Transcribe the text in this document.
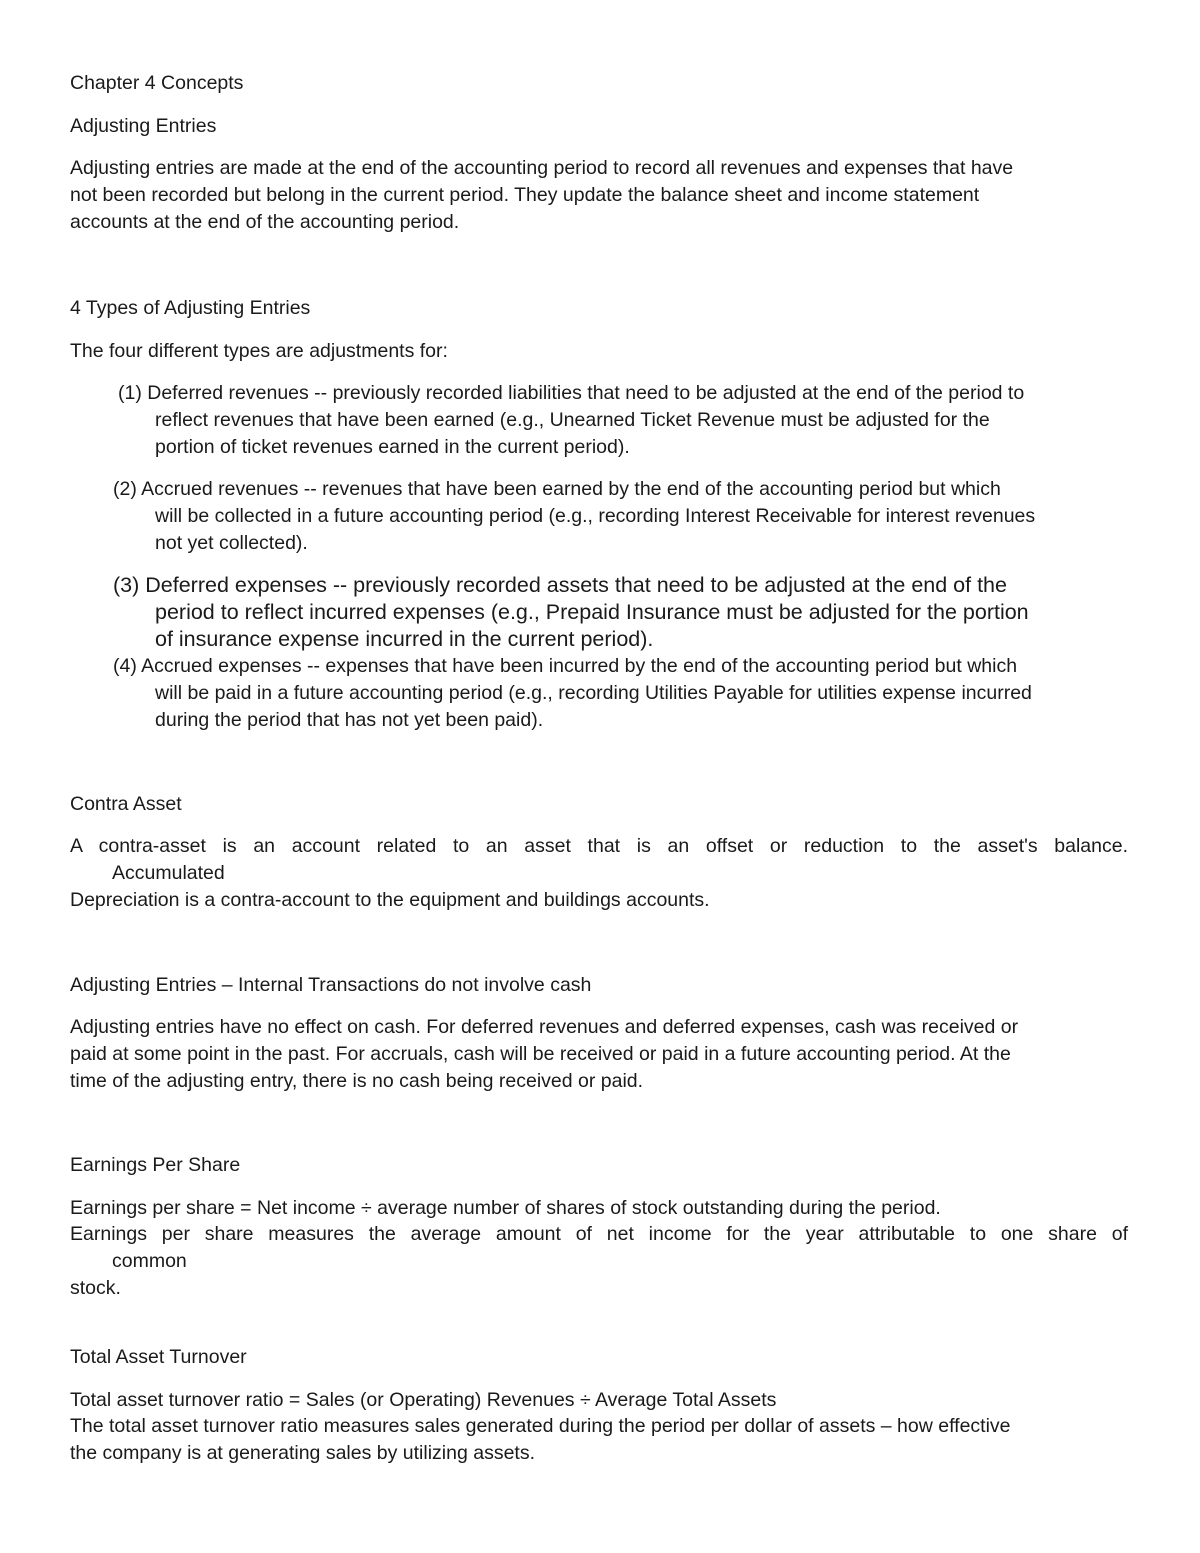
Chapter 4 Concepts
Adjusting Entries
Adjusting entries are made at the end of the accounting period to record all revenues and expenses that have
not been recorded but belong in the current period. They update the balance sheet and income statement
accounts at the end of the accounting period.
4 Types of Adjusting Entries
The four different types are adjustments for:
(1) Deferred revenues -- previously recorded liabilities that need to be adjusted at the end of the period to
reflect revenues that have been earned (e.g., Unearned Ticket Revenue must be adjusted for the
portion of ticket revenues earned in the current period).
(2) Accrued revenues -- revenues that have been earned by the end of the accounting period but which
will be collected in a future accounting period (e.g., recording Interest Receivable for interest revenues
not yet collected).
(3) Deferred expenses -- previously recorded assets that need to be adjusted at the end of the
period to reflect incurred expenses (e.g., Prepaid Insurance must be adjusted for the portion
of insurance expense incurred in the current period).
(4) Accrued expenses -- expenses that have been incurred by the end of the accounting period but which
will be paid in a future accounting period (e.g., recording Utilities Payable for utilities expense incurred
during the period that has not yet been paid).
Contra Asset
A contra-asset is an account related to an asset that is an offset or reduction to the asset's balance.
Accumulated
Depreciation is a contra-account to the equipment and buildings accounts.
Adjusting Entries – Internal Transactions do not involve cash
Adjusting entries have no effect on cash. For deferred revenues and deferred expenses, cash was received or
paid at some point in the past. For accruals, cash will be received or paid in a future accounting period. At the
time of the adjusting entry, there is no cash being received or paid.
Earnings Per Share
Earnings per share = Net income ÷ average number of shares of stock outstanding during the period.
Earnings per share measures the average amount of net income for the year attributable to one share of
common
stock.
Total Asset Turnover
Total asset turnover ratio = Sales (or Operating) Revenues ÷ Average Total Assets
The total asset turnover ratio measures sales generated during the period per dollar of assets – how effective
the company is at generating sales by utilizing assets.
